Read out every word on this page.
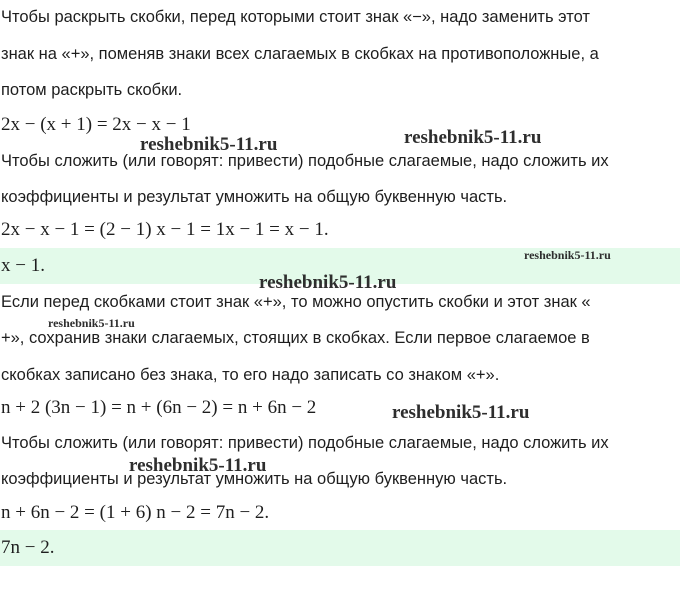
Чтобы раскрыть скобки, перед которыми стоит знак «−», надо заменить этот

знак на «+», поменяв знаки всех слагаемых в скобках на противоположные, а

потом раскрыть скобки.

2x − (x + 1) = 2x − x − 1

Чтобы сложить (или говорят: привести) подобные слагаемые, надо сложить их

коэффициенты и результат умножить на общую буквенную часть.

2x − x − 1 = (2 − 1) x − 1 = 1x − 1 = x − 1.
x − 1.

Если перед скобками стоит знак «+», то можно опустить скобки и этот знак «

+», сохранив знаки слагаемых, стоящих в скобках. Если первое слагаемое в

скобках записано без знака, то его надо записать со знаком «+».

n + 2 (3n − 1) = n + (6n − 2) = n + 6n − 2

Чтобы сложить (или говорят: привести) подобные слагаемые, надо сложить их

коэффициенты и результат умножить на общую буквенную часть.

n + 6n − 2 = (1 + 6) n − 2 = 7n − 2.
7n − 2.
reshebnik5-11.ru	reshebnik5-11.ru
reshebnik5-11.ru
reshebnik5-11.ru
reshebnik5-11.ru
reshebnik5-11.ru
reshebnik5-11.ru
